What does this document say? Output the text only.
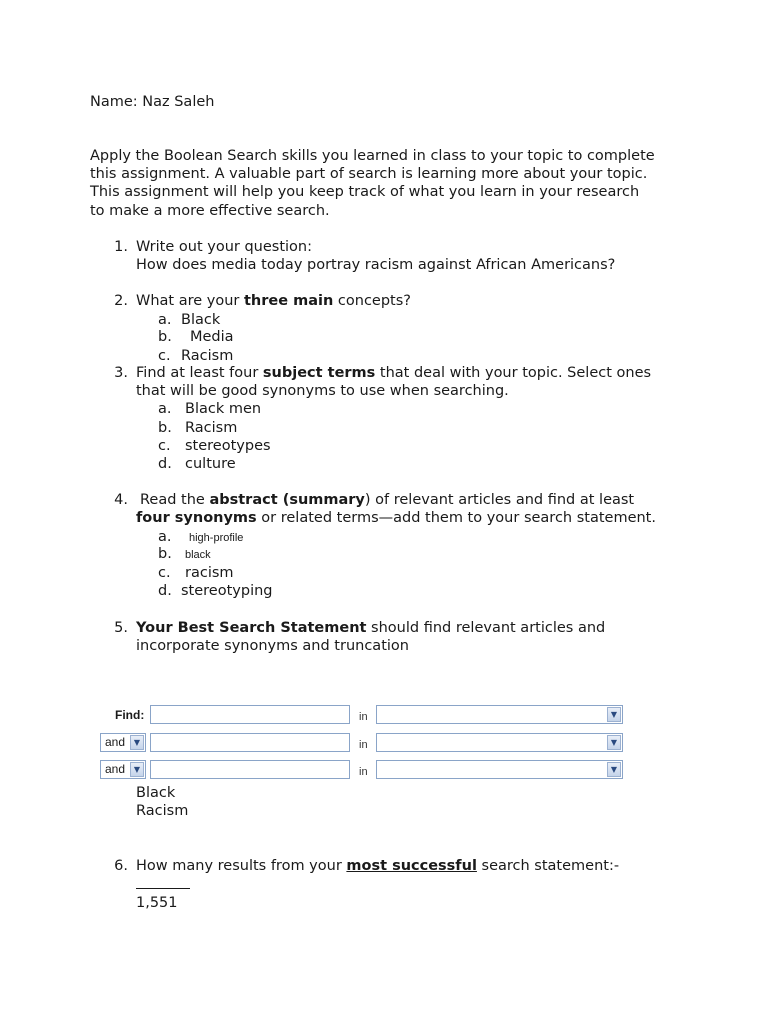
Name: Naz Saleh
Apply the Boolean Search skills you learned in class to your topic to complete
this assignment. A valuable part of search is learning more about your topic.
This assignment will help you keep track of what you learn in your research
to make a more effective search.
1. Write out your question:
How does media today portray racism against African Americans?
2. What are your three main concepts?
a. Black
b. Media
c. Racism
3. Find at least four subject terms that deal with your topic. Select ones
that will be good synonyms to use when searching.
a. Black men
b. Racism
c. stereotypes
d. culture
4. Read the abstract (summary) of relevant articles and find at least
four synonyms or related terms—add them to your search statement.
a. high-profile
b. black
c. racism
d. stereotyping
5. Your Best Search Statement should find relevant articles and
incorporate synonyms and truncation
Find:	in	▼
and	▼	in	▼
and	▼	in	▼
Black
Racism
6. How many results from your most successful search statement:-
1,551
